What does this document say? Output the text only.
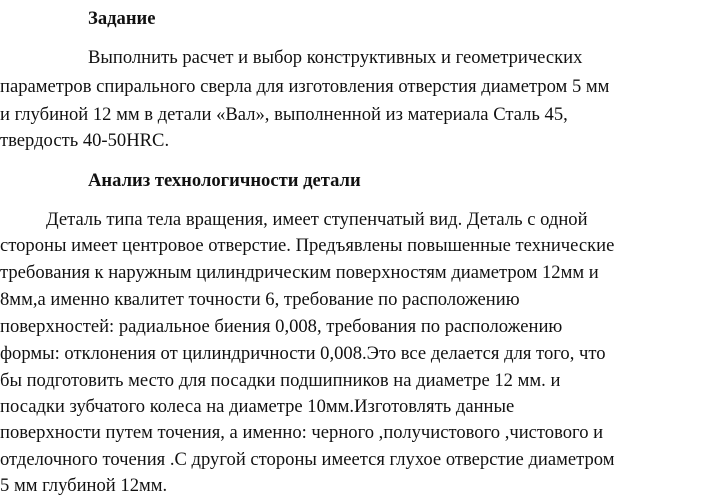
Задание
Выполнить расчет и выбор конструктивных и геометрических
параметров спирального сверла для изготовления отверстия диаметром 5 мм
и глубиной 12 мм в детали «Вал», выполненной из материала Сталь 45,
твердость 40-50HRC.
Анализ технологичности детали
Деталь типа тела вращения, имеет ступенчатый вид. Деталь с одной
стороны имеет центровое отверстие. Предъявлены повышенные технические
требования к наружным цилиндрическим поверхностям диаметром 12мм и
8мм,а именно квалитет точности 6, требование по расположению
поверхностей: радиальное биения 0,008, требования по расположению
формы: отклонения от цилиндричности 0,008.Это все делается для того, что
бы подготовить место для посадки подшипников на диаметре 12 мм. и
посадки зубчатого колеса на диаметре 10мм.Изготовлять данные
поверхности путем точения, а именно: черного ,получистового ,чистового и
отделочного точения .С другой стороны имеется глухое отверстие диаметром
5 мм глубиной 12мм.
